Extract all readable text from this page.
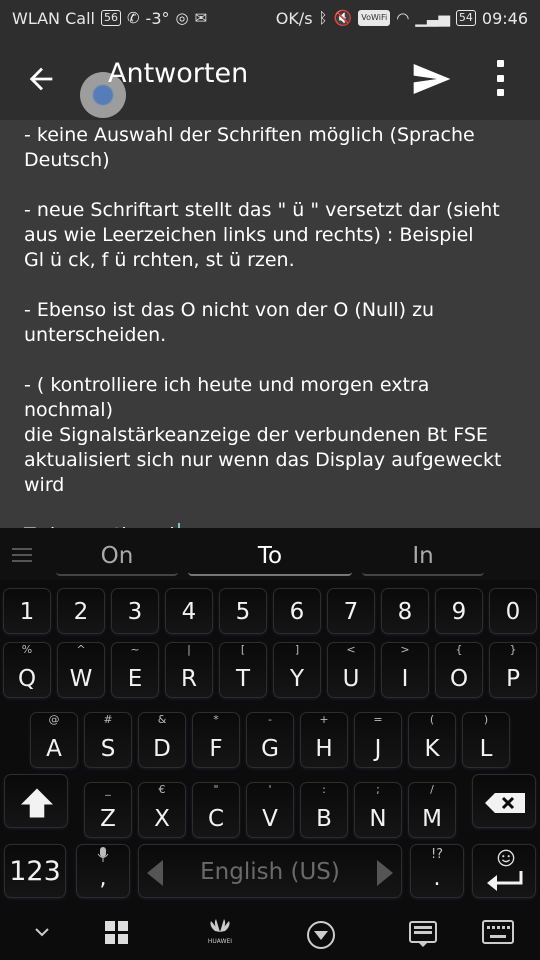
WLAN Call 56 ✆ -3° ◎ ✉	OK/s ᛒ 🔇	VoWiFi ◠ ▁▃▅ 54 09:46
Antworten
- keine Auswahl der Schriften möglich (Sprache
Deutsch)

- neue Schriftart stellt das " ü " versetzt dar (sieht
aus wie Leerzeichen links und rechts) : Beispiel
Gl ü ck, f ü rchten, st ü rzen.

- Ebenso ist das O nicht von der O (Null) zu
unterscheiden.

- ( kontrolliere ich heute und morgen extra nochmal)
die Signalstärkeanzeige der verbundenen Bt FSE
aktualisiert sich nur wenn das Display aufgeweckt
wird

On	To	In
1	2	3	4	5	6	7	8	9	0
%
Q
^
W
~
E
|
R
[
T
]
Y
<
U
>
I
{
O
}
P
@
A
#
S
&
D
*
F
-
G
+
H
=
J
(
K
)
L
_
Z
€
X
"
C
'
V
:
B
;
N
/
M
123	,	English (US)
!?
.
HUAWEI
